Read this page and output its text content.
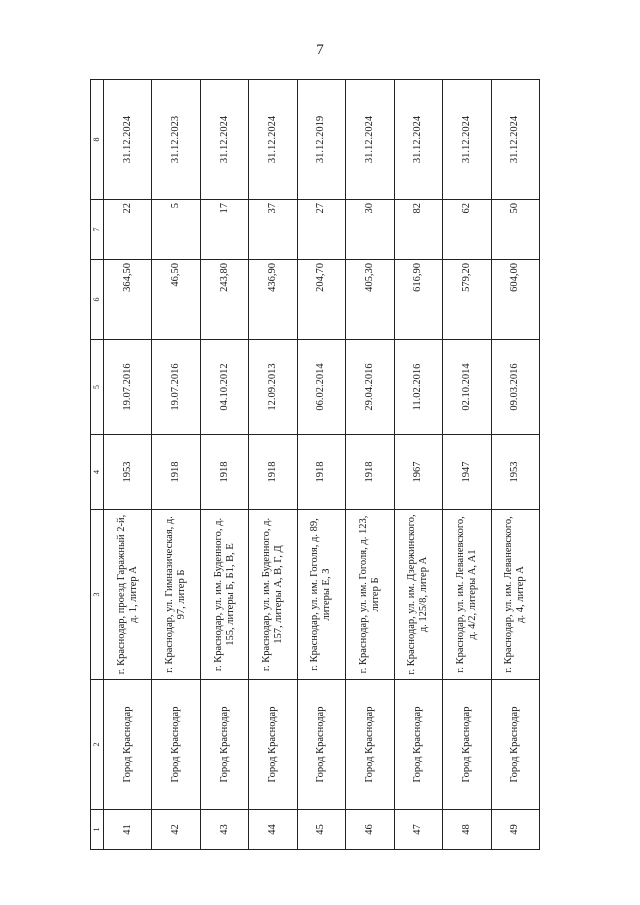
7
1	2	3	4	5	6	7	8
41	Город Краснодар	г. Краснодар, проезд Гаражный 2-й, д. 1, литер А	1953	19.07.2016	364,50	22	31.12.2024
42	Город Краснодар	г. Краснодар, ул. Гимназическая, д. 97, литер Б	1918	19.07.2016	46,50	5	31.12.2023
43	Город Краснодар	г. Краснодар, ул. им. Буденного, д. 155, литеры Б, Б1, В, Е	1918	04.10.2012	243,80	17	31.12.2024
44	Город Краснодар	г. Краснодар, ул. им. Буденного, д. 157, литеры А, В, Г, Д	1918	12.09.2013	436,90	37	31.12.2024
45	Город Краснодар	г. Краснодар, ул. им. Гоголя, д. 89, литеры Е, З	1918	06.02.2014	204,70	27	31.12.2019
46	Город Краснодар	г. Краснодар, ул. им. Гоголя, д. 123, литер Б	1918	29.04.2016	405,30	30	31.12.2024
47	Город Краснодар	г. Краснодар, ул. им. Дзержинского, д. 125/8, литер А	1967	11.02.2016	616,90	82	31.12.2024
48	Город Краснодар	г. Краснодар, ул. им. Леваневского, д. 4/2, литеры А, А1	1947	02.10.2014	579,20	62	31.12.2024
49	Город Краснодар	г. Краснодар, ул. им. Леваневского, д. 4, литер А	1953	09.03.2016	604,00	50	31.12.2024
